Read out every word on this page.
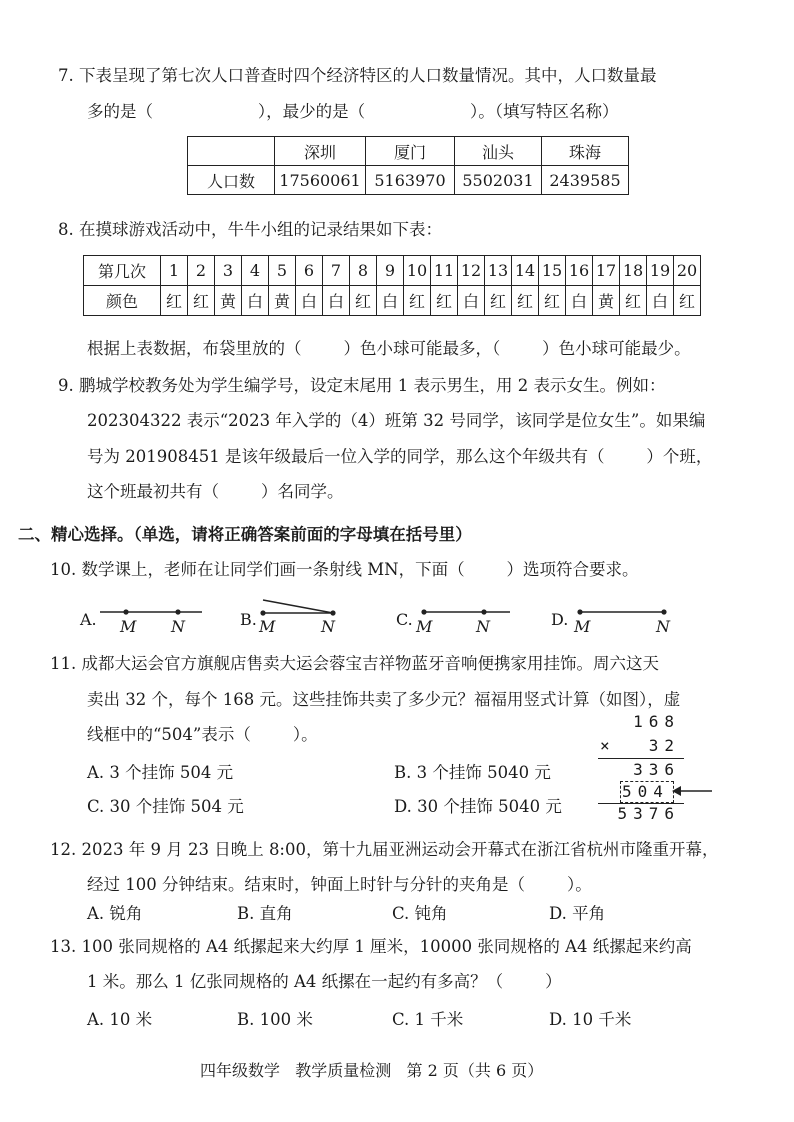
7. 下表呈现了第七次人口普查时四个经济特区的人口数量情况。其中，人口数量最
多的是（                    ），最少的是（                    ）。（填写特区名称）
	深圳	厦门	汕头	珠海
人口数	17560061	5163970	5502031	2439585
8. 在摸球游戏活动中，牛牛小组的记录结果如下表：
第几次	1	2	3	4	5	6	7	8	9	10	11	12	13	14	15	16	17	18	19	20
颜色	红	红	黄	白	黄	白	白	红	白	红	红	白	红	红	红	白	黄	红	白	红
根据上表数据，布袋里放的（        ）色小球可能最多，（        ）色小球可能最少。
9. 鹏城学校教务处为学生编学号，设定末尾用 1 表示男生，用 2 表示女生。例如：
202304322 表示“2023 年入学的（4）班第 32 号同学，该同学是位女生”。如果编
号为 201908451 是该年级最后一位入学的同学，那么这个年级共有（        ）个班，
这个班最初共有（        ）名同学。
二、精心选择。（单选，请将正确答案前面的字母填在括号里）
10. 数学课上，老师在让同学们画一条射线 MN，下面（        ）选项符合要求。
A. M N	B. M	N	C. M	N	D. M	N
11. 成都大运会官方旗舰店售卖大运会蓉宝吉祥物蓝牙音响便携家用挂饰。周六这天
卖出 32 个，每个 168 元。这些挂饰共卖了多少元？福福用竖式计算（如图），虚
线框中的“504”表示（        ）。
A. 3 个挂饰 504 元	B. 3 个挂饰 5040 元
C. 30 个挂饰 504 元	D. 30 个挂饰 5040 元
168
× 32
336
504
5376
12. 2023 年 9 月 23 日晚上 8:00，第十九届亚洲运动会开幕式在浙江省杭州市隆重开幕，
经过 100 分钟结束。结束时，钟面上时针与分针的夹角是（        ）。
A. 锐角	B. 直角	C. 钝角	D. 平角
13. 100 张同规格的 A4 纸摞起来大约厚 1 厘米，10000 张同规格的 A4 纸摞起来约高
1 米。那么 1 亿张同规格的 A4 纸摞在一起约有多高？（        ）
A. 10 米	B. 100 米	C. 1 千米	D. 10 千米
四年级数学   教学质量检测   第 2 页（共 6 页）
